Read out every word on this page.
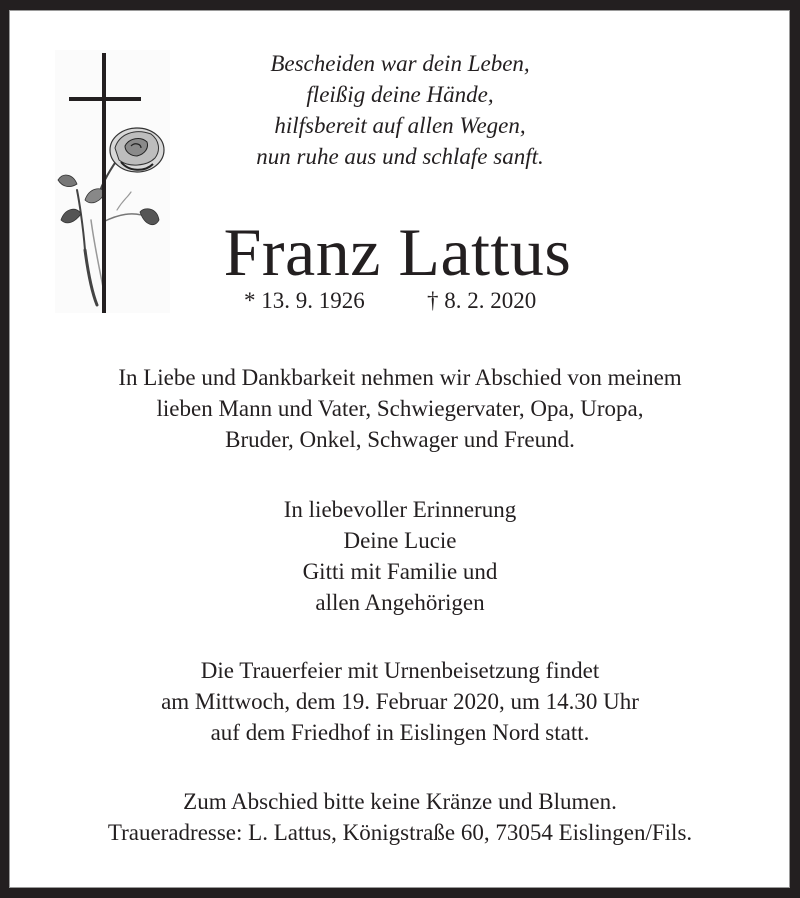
Bescheiden war dein Leben,
fleißig deine Hände,
hilfsbereit auf allen Wegen,
nun ruhe aus und schlafe sanft.
Franz Lattus
* 13. 9. 1926	† 8. 2. 2020
In Liebe und Dankbarkeit nehmen wir Abschied von meinem
lieben Mann und Vater, Schwiegervater, Opa, Uropa,
Bruder, Onkel, Schwager und Freund.
In liebevoller Erinnerung
Deine Lucie
Gitti mit Familie und
allen Angehörigen
Die Trauerfeier mit Urnenbeisetzung findet
am Mittwoch, dem 19. Februar 2020, um 14.30 Uhr
auf dem Friedhof in Eislingen Nord statt.
Zum Abschied bitte keine Kränze und Blumen.
Traueradresse: L. Lattus, Königstraße 60, 73054 Eislingen/Fils.
